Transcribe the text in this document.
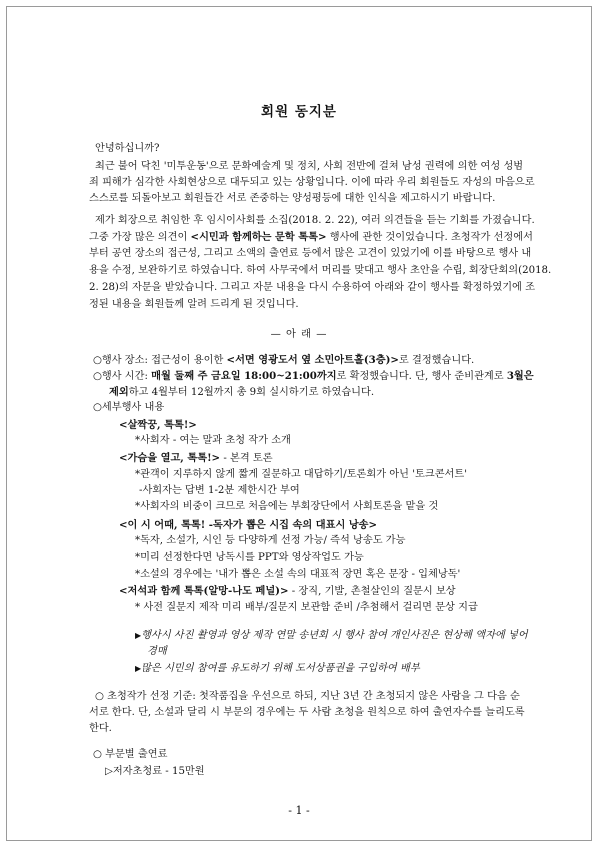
회원 동지분
안녕하십니까?
최근 불어 닥친 '미투운동'으로 문화예술계 및 정치, 사회 전반에 걸쳐 남성 권력에 의한 여성 성범
죄 피해가 심각한 사회현상으로 대두되고 있는 상황입니다. 이에 따라 우리 회원들도 자성의 마음으로
스스로를 되돌아보고 회원들간 서로 존중하는 양성평등에 대한 인식을 제고하시기 바랍니다.
제가 회장으로 취임한 후 임시이사회를 소집(2018. 2. 22), 여러 의견들을 듣는 기회를 가졌습니다.
그중 가장 많은 의견이 <시민과 함께하는 문학 톡톡> 행사에 관한 것이었습니다. 초청작가 선정에서
부터 공연 장소의 접근성, 그리고 소액의 출연료 등에서 많은 고견이 있었기에 이를 바탕으로 행사 내
용을 수정, 보완하기로 하였습니다. 하여 사무국에서 머리를 맞대고 행사 초안을 수립, 회장단회의(2018.
2. 28)의 자문을 받았습니다. 그리고 자문 내용을 다시 수용하여 아래와 같이 행사를 확정하였기에 조
정된 내용을 회원들께 알려 드리게 된 것입니다.
— 아 래 —
○행사 장소: 접근성이 용이한 <서면 영광도서 옆 소민아트홀(3층)>로 결정했습니다.
○행사 시간: 매월 둘째 주 금요일 18:00~21:00까지로 확정했습니다. 단, 행사 준비관계로 3월은
제외하고 4월부터 12월까지 총 9회 실시하기로 하였습니다.
○세부행사 내용
<살짝꿍, 톡톡!>
*사회자 - 여는 말과 초청 작가 소개
<가슴을 열고, 톡톡!> - 본격 토론
*관객이 지루하지 않게 짧게 질문하고 대답하기/토론회가 아닌 '토크콘서트'
-사회자는 답변 1-2분 제한시간 부여
*사회자의 비중이 크므로 처음에는 부회장단에서 사회토론을 맡을 것
<이 시 어때, 톡톡! -독자가 뽑은 시집 속의 대표시 낭송>
*독자, 소설가, 시인 등 다양하게 선정 가능/ 즉석 낭송도 가능
*미리 선정한다면 낭독시를 PPT와 영상작업도 가능
*소설의 경우에는 '내가 뽑은 소설 속의 대표적 장면 혹은 문장 - 입체낭독'
<저석과 함께 톡톡(알망-나도 페널)> - 장직, 기발, 촌철살인의 질문시 보상
* 사전 질문지 제작 미리 배부/질문지 보관함 준비 /추첨해서 걸리면 문상 지급
▶행사시 사진 촬영과 영상 제작 연말 송년회 시 행사 참여 개인사진은 현상해 액자에 넣어
경매
▶많은 시민의 참여를 유도하기 위해 도서상품권을 구입하여 배부
○ 초청작가 선정 기준: 첫작품집을 우선으로 하되, 지난 3년 간 초청되지 않은 사람을 그 다음 순
서로 한다. 단, 소설과 달리 시 부문의 경우에는 두 사람 초청을 원칙으로 하여 출연자수를 늘리도록
한다.
○ 부문별 출연료
▷저자초청료 - 15만원
- 1 -
